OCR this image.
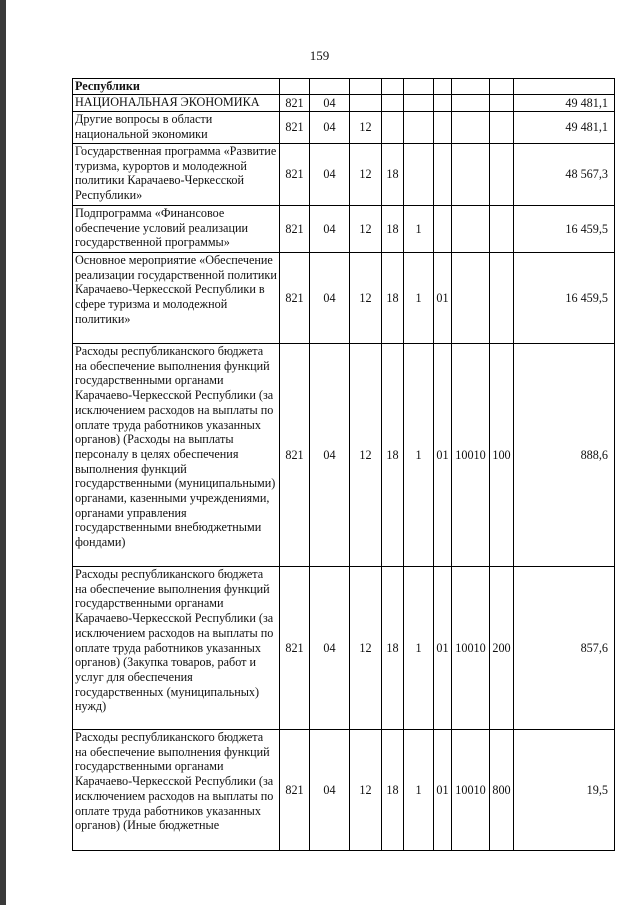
159
Республики									
НАЦИОНАЛЬНАЯ ЭКОНОМИКА	821	04							49 481,1
Другие вопросы в области национальной экономики	821	04	12						49 481,1
Государственная программа «Развитие туризма, курортов и молодежной политики Карачаево-Черкесской Республики»	821	04	12	18					48 567,3
Подпрограмма «Финансовое обеспечение условий реализации государственной программы»	821	04	12	18	1				16 459,5
Основное мероприятие «Обеспечение реализации государственной политики Карачаево-Черкесской Республики в сфере туризма и молодежной политики»	821	04	12	18	1	01			16 459,5
Расходы республиканского бюджета на обеспечение выполнения функций государственными органами Карачаево-Черкесской Республики (за исключением расходов на выплаты по оплате труда работников указанных органов) (Расходы на выплаты персоналу в целях обеспечения выполнения функций государственными (муниципальными) органами, казенными учреждениями, органами управления государственными внебюджетными фондами)	821	04	12	18	1	01	10010	100	888,6
Расходы республиканского бюджета на обеспечение выполнения функций государственными органами Карачаево-Черкесской Республики (за исключением расходов на выплаты по оплате труда работников указанных органов) (Закупка товаров, работ и услуг для обеспечения государственных (муниципальных) нужд)	821	04	12	18	1	01	10010	200	857,6
Расходы республиканского бюджета на обеспечение выполнения функций государственными органами Карачаево-Черкесской Республики (за исключением расходов на выплаты по оплате труда работников указанных органов) (Иные бюджетные	821	04	12	18	1	01	10010	800	19,5
